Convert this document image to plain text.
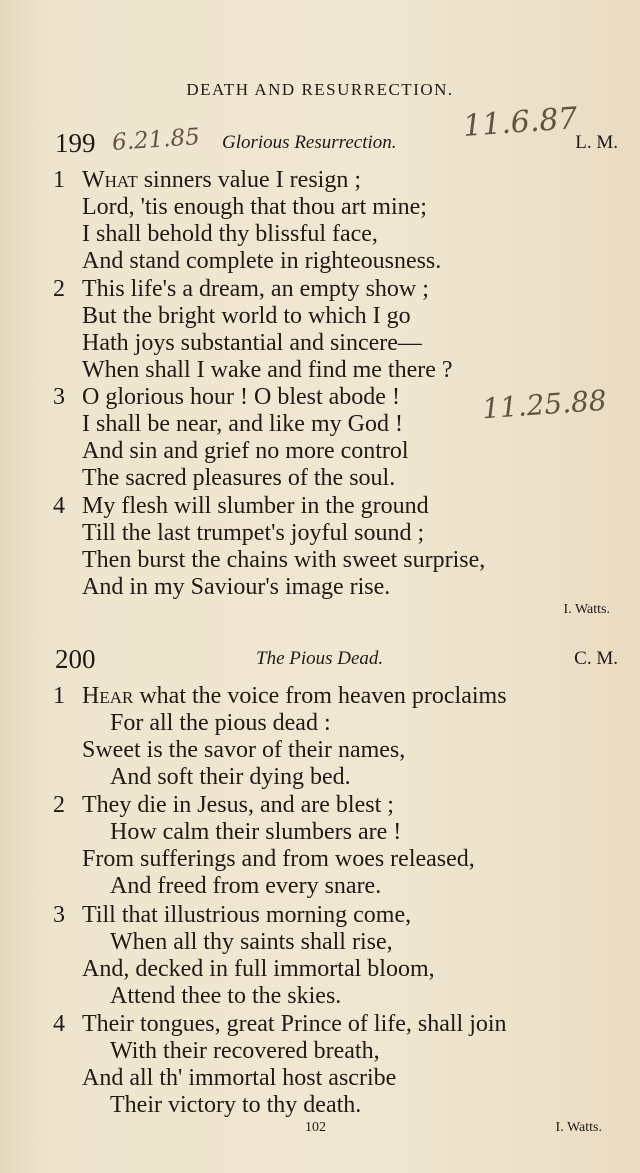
DEATH AND RESURRECTION.
199	Glorious Resurrection.	L. M.
6.21.85	11.6.87
11.25.88
1 What sinners value I resign ;
Lord, 'tis enough that thou art mine;
I shall behold thy blissful face,
And stand complete in righteousness.
2 This life's a dream, an empty show ;
But the bright world to which I go
Hath joys substantial and sincere—
When shall I wake and find me there ?
3 O glorious hour ! O blest abode !
I shall be near, and like my God !
And sin and grief no more control
The sacred pleasures of the soul.
4 My flesh will slumber in the ground
Till the last trumpet's joyful sound ;
Then burst the chains with sweet surprise,
And in my Saviour's image rise.
I. Watts.
200	The Pious Dead.	C. M.
1 Hear what the voice from heaven proclaims
For all the pious dead :
Sweet is the savor of their names,
And soft their dying bed.
2 They die in Jesus, and are blest ;
How calm their slumbers are !
From sufferings and from woes released,
And freed from every snare.
3 Till that illustrious morning come,
When all thy saints shall rise,
And, decked in full immortal bloom,
Attend thee to the skies.
4 Their tongues, great Prince of life, shall join
With their recovered breath,
And all th' immortal host ascribe
Their victory to thy death.
102	I. Watts.
